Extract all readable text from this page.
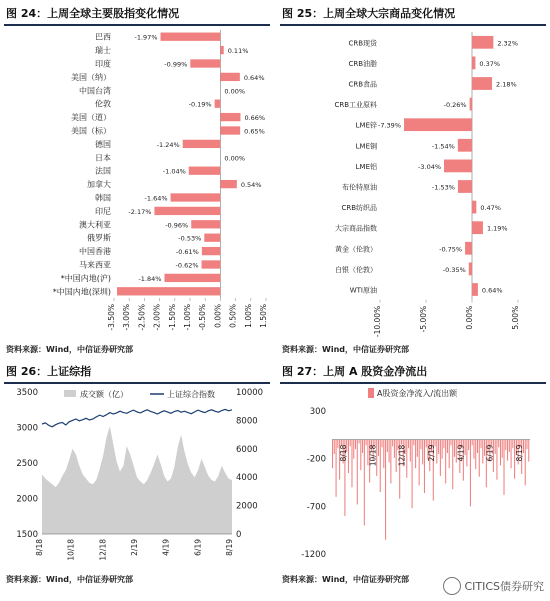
图 24：上周全球主要股指变化情况
巴西	-1.97%
瑞士	0.11%
印度	-0.99%
美国（纳）	0.64%
中国台湾	0.00%
伦敦	-0.19%
美国（道）	0.66%
美国（标）	0.65%
德国	-1.24%
日本	0.00%
法国	-1.04%
加拿大	0.54%
韩国	-1.64%
印尼	-2.17%
澳大利亚	-0.96%
俄罗斯	-0.53%
中国香港	-0.61%
马来西亚	-0.62%
*中国内地(沪)	-1.84%
*中国内地(深圳)
-3.50% -3.00% -2.50% -2.00% -1.50% -1.00% -0.50% 0.00% 0.50% 1.00% 1.50%
资料来源：Wind，中信证券研究部
图 25：上周全球大宗商品变化情况
CRB现货	2.32%
CRB油脂	0.37%
CRB食品	2.18%
CRB工业原料	-0.26%
LME锌 -7.39%
LME铜	-1.54%
LME铝	-3.04%
布伦特原油	-1.53%
CRB纺织品	0.47%
大宗商品指数	1.19%
黄金（伦敦）	-0.75%
白银（伦敦）	-0.35%
WTI原油	0.64%
-10.00%	-5.00%	0.00%	5.00%
资料来源：Wind，中信证券研究部
图 26：上证综指
1500
2000
2500
3000
3500
0
2000
4000
6000
8000
10000
8/18	10/18	12/18	2/19	4/19	6/19	8/19
成交额（亿）	上证综合指数
资料来源：Wind，中信证券研究部
图 27：上周 A 股资金净流出
300
-200
-700
-1200
8/18	10/18	12/18	2/19	4/19	6/19	8/19
A股资金净流入/流出额
资料来源：Wind，中信证券研究部
CITICS债券研究
